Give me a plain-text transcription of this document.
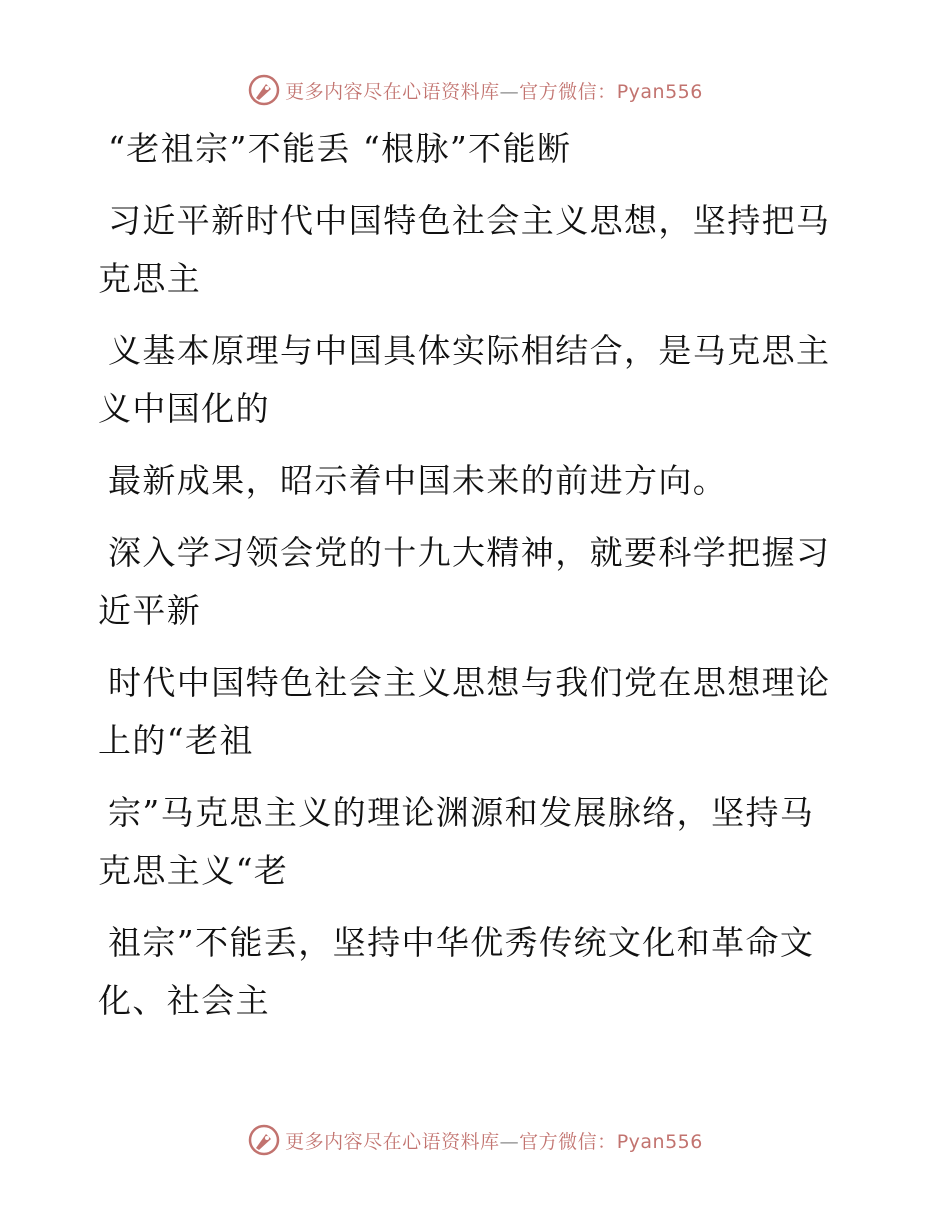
更多内容尽在心语资料库—官方微信：Pyan556
“老祖宗”不能丢 “根脉”不能断
习近平新时代中国特色社会主义思想，坚持把马
克思主
义基本原理与中国具体实际相结合，是马克思主
义中国化的
最新成果，昭示着中国未来的前进方向。
深入学习领会党的十九大精神，就要科学把握习
近平新
时代中国特色社会主义思想与我们党在思想理论
上的“老祖
宗”马克思主义的理论渊源和发展脉络，坚持马
克思主义“老
祖宗”不能丢，坚持中华优秀传统文化和革命文
化、社会主
更多内容尽在心语资料库—官方微信：Pyan556
